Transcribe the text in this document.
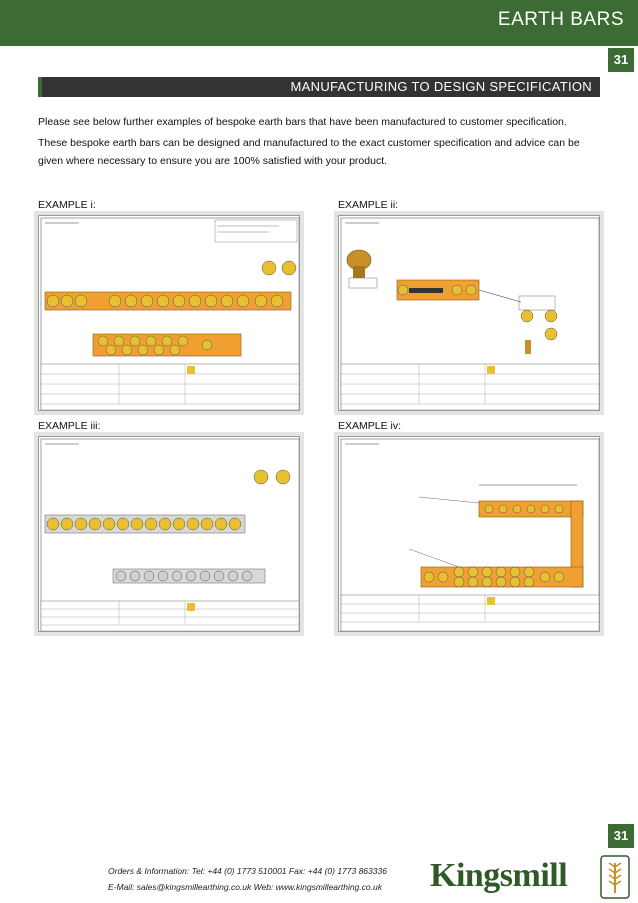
EARTH BARS
31
MANUFACTURING TO DESIGN SPECIFICATION
Please see below further examples of bespoke earth bars that have been manufactured to customer specification.
These bespoke earth bars can be designed and manufactured to the exact customer specification and advice can be given where necessary to ensure you are 100% satisfied with your product.
EXAMPLE i:	EXAMPLE ii:
EXAMPLE iii:	EXAMPLE iv:
31
Orders & Information: Tel: +44 (0) 1773 510001 Fax: +44 (0) 1773 863336
E-Mail: sales@kingsmillearthing.co.uk Web: www.kingsmillearthing.co.uk Kingsmill
